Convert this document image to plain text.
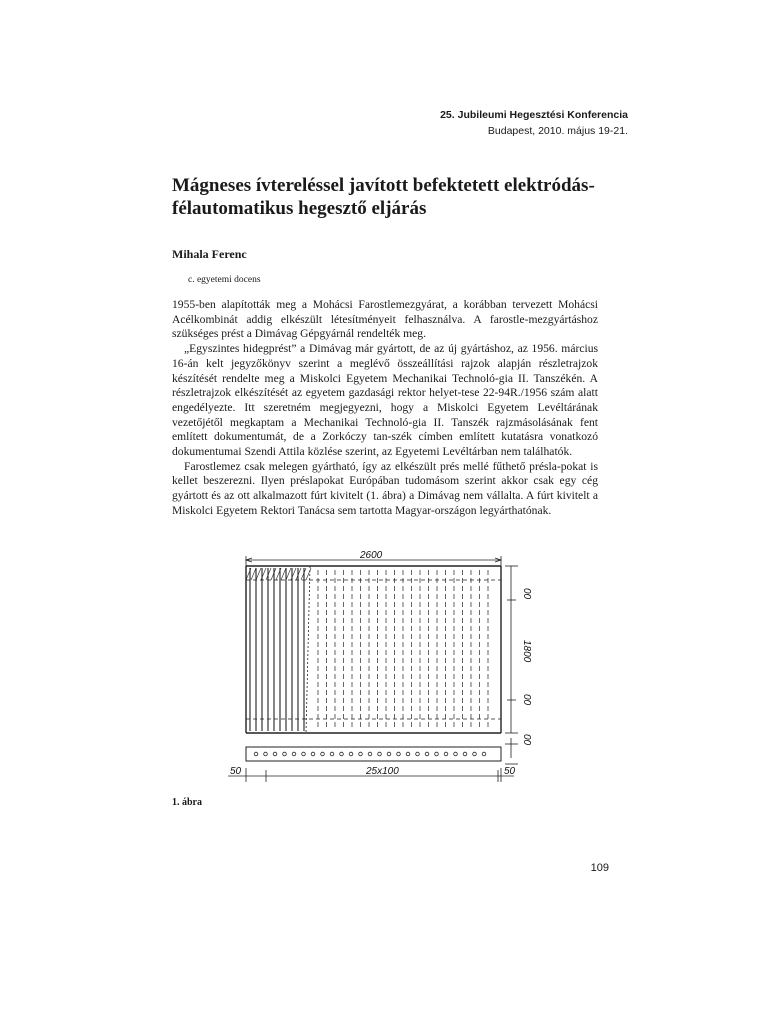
25. Jubileumi Hegesztési Konferencia
Budapest, 2010. május 19-21.
Mágneses ívtereléssel javított befektetett elektródás-félautomatikus hegesztő eljárás
Mihala Ferenc
c. egyetemi docens

1955-ben alapították meg a Mohácsi Farostlemezgyárat, a korábban tervezett Mohácsi Acélkombinát addig elkészült létesítményeit felhasználva. A farostle-mezgyártáshoz szükséges prést a Dimávag Gépgyárnál rendelték meg.

„Egyszintes hidegprést” a Dimávag már gyártott, de az új gyártáshoz, az 1956. március 16-án kelt jegyzőkönyv szerint a meglévő összeállítási rajzok alapján részletrajzok készítését rendelte meg a Miskolci Egyetem Mechanikai Technoló-gia II. Tanszékén. A részletrajzok elkészítését az egyetem gazdasági rektor helyet-tese 22-94R./1956 szám alatt engedélyezte. Itt szeretném megjegyezni, hogy a Miskolci Egyetem Levéltárának vezetőjétől megkaptam a Mechanikai Technoló-gia II. Tanszék rajzmásolásának fent említett dokumentumát, de a Zorkóczy tan-szék címben említett kutatásra vonatkozó dokumentumai Szendi Attila közlése szerint, az Egyetemi Levéltárban nem találhatók.

Farostlemez csak melegen gyártható, így az elkészült prés mellé fűthető présla-pokat is kellet beszerezni. Ilyen préslapokat Európában tudomásom szerint akkor csak egy cég gyártott és az ott alkalmazott fúrt kivitelt (1. ábra) a Dimávag nem vállalta. A fúrt kivitelt a Miskolci Egyetem Rektori Tanácsa sem tartotta Magyar-országon legyárthatónak.

2600
00
1800
00
00
50	25x100	50
1. ábra
109
